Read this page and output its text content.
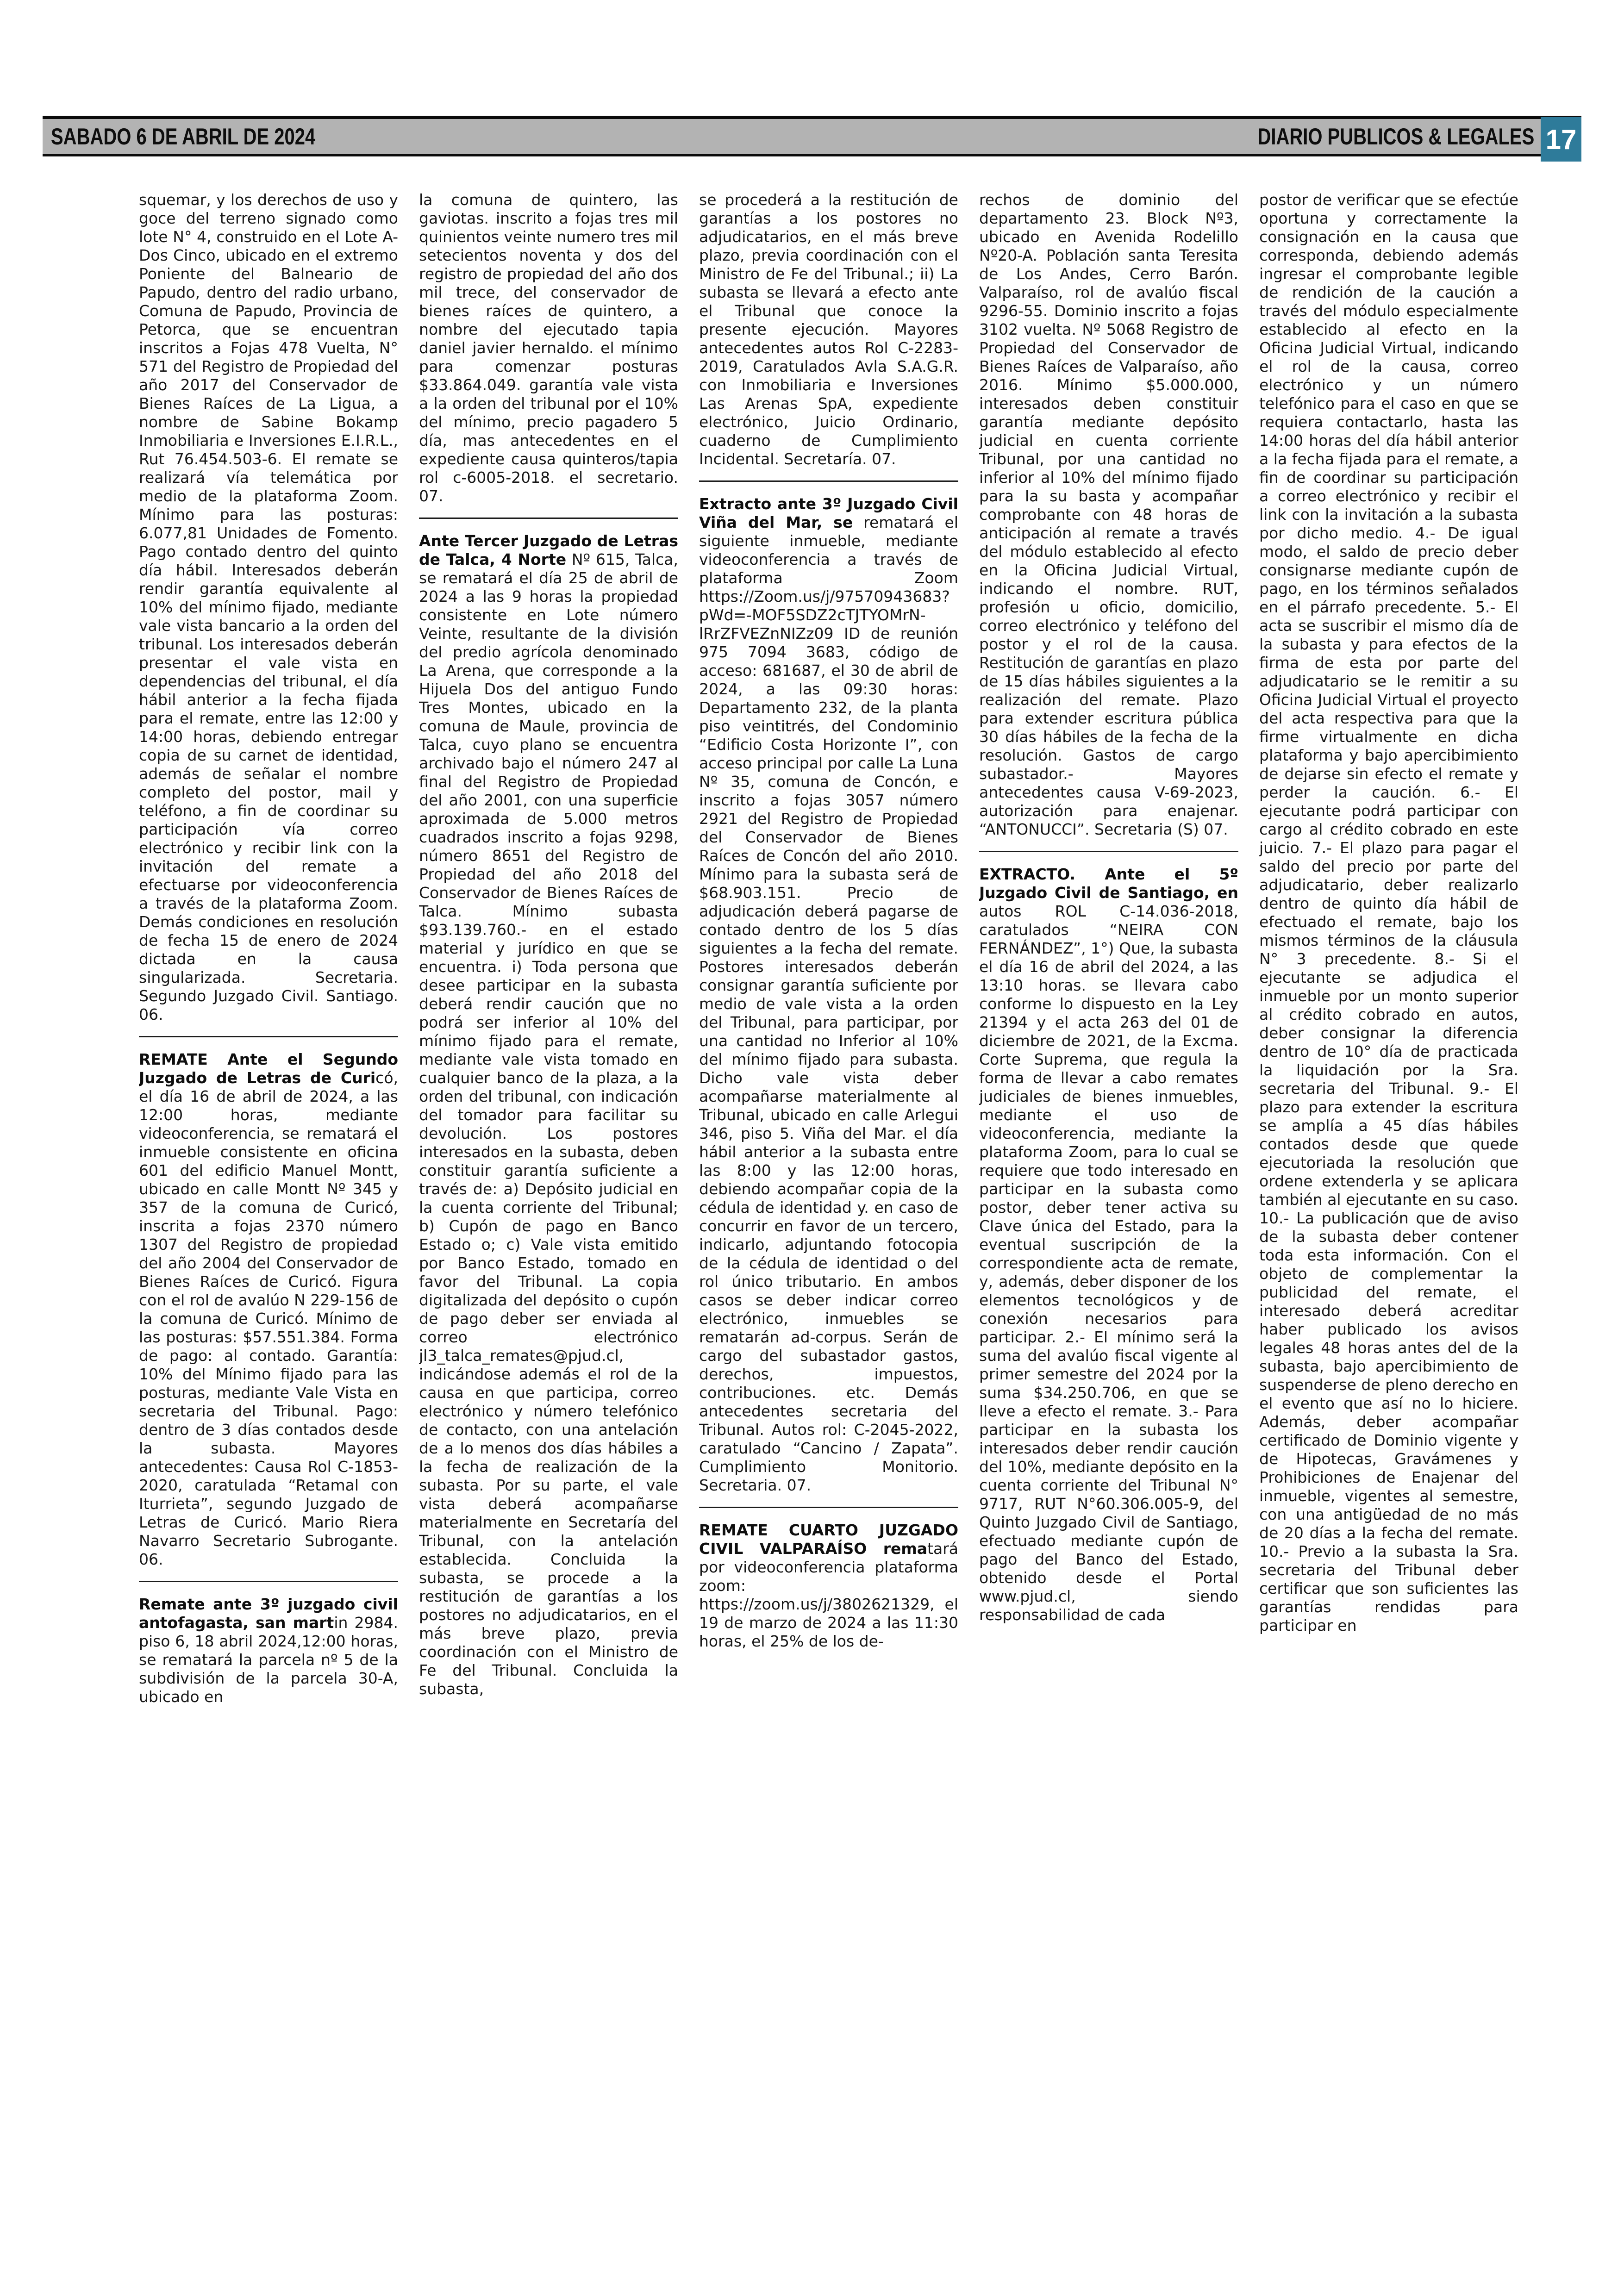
SABADO 6 DE ABRIL DE 2024	DIARIO PUBLICOS & LEGALES 17

squemar, y los derechos de uso y goce del terreno signado como lote N° 4, construido en el Lote A-Dos Cinco, ubicado en el extremo Poniente del Balneario de Papudo, dentro del radio urbano, Comuna de Papudo, Provincia de Petorca, que se encuentran inscritos a Fojas 478 Vuelta, N° 571 del Registro de Propiedad del año 2017 del Conservador de Bienes Raíces de La Ligua, a nombre de Sabine Bokamp Inmobiliaria e Inversiones E.I.R.L., Rut 76.454.503-6. El remate se realizará vía telemática por medio de la plataforma Zoom. Mínimo para las posturas: 6.077,81 Unidades de Fomento. Pago contado dentro del quinto día hábil. Interesados deberán rendir garantía equivalente al 10% del mínimo fijado, mediante vale vista bancario a la orden del tribunal. Los interesados deberán presentar el vale vista en dependencias del tribunal, el día hábil anterior a la fecha fijada para el remate, entre las 12:00 y 14:00 horas, debiendo entregar copia de su carnet de identidad, además de señalar el nombre completo del postor, mail y teléfono, a fin de coordinar su participación vía correo electrónico y recibir link con la invitación del remate a efectuarse por videoconferencia a través de la plataforma Zoom. Demás condiciones en resolución de fecha 15 de enero de 2024 dictada en la causa singularizada. Secretaria. Segundo Juzgado Civil. Santiago. 06.

REMATE Ante el Segundo Juzgado de Letras de Curicó, el día 16 de abril de 2024, a las 12:00 horas, mediante videoconferencia, se rematará el inmueble consistente en oficina 601 del edificio Manuel Montt, ubicado en calle Montt Nº 345 y 357 de la comuna de Curicó, inscrita a fojas 2370 número 1307 del Registro de propiedad del año 2004 del Conservador de Bienes Raíces de Curicó. Figura con el rol de avalúo N 229-156 de la comuna de Curicó. Mínimo de las posturas: $57.551.384. Forma de pago: al contado. Garantía: 10% del Mínimo fijado para las posturas, mediante Vale Vista en secretaria del Tribunal. Pago: dentro de 3 días contados desde la subasta. Mayores antecedentes: Causa Rol C-1853-2020, caratulada “Retamal con Iturrieta”, segundo Juzgado de Letras de Curicó. Mario Riera Navarro Secretario Subrogante. 06.

Remate ante 3º juzgado civil antofagasta, san martin 2984. piso 6, 18 abril 2024,12:00 horas, se rematará la parcela nº 5 de la subdivisión de la parcela 30-A, ubicado en

la comuna de quintero, las gaviotas. inscrito a fojas tres mil quinientos veinte numero tres mil setecientos noventa y dos del registro de propiedad del año dos mil trece, del conservador de bienes raíces de quintero, a nombre del ejecutado tapia daniel javier hernaldo. el mínimo para comenzar posturas $33.864.049. garantía vale vista a la orden del tribunal por el 10% del mínimo, precio pagadero 5 día, mas antecedentes en el expediente causa quinteros/tapia rol c-6005-2018. el secretario. 07.

Ante Tercer Juzgado de Letras de Talca, 4 Norte Nº 615, Talca, se rematará el día 25 de abril de 2024 a las 9 horas la propiedad consistente en Lote número Veinte, resultante de la división del predio agrícola denominado La Arena, que corresponde a la Hijuela Dos del antiguo Fundo Tres Montes, ubicado en la comuna de Maule, provincia de Talca, cuyo plano se encuentra archivado bajo el número 247 al final del Registro de Propiedad del año 2001, con una superficie aproximada de 5.000 metros cuadrados inscrito a fojas 9298, número 8651 del Registro de Propiedad del año 2018 del Conservador de Bienes Raíces de Talca. Mínimo subasta $93.139.760.- en el estado material y jurídico en que se encuentra. i) Toda persona que desee participar en la subasta deberá rendir caución que no podrá ser inferior al 10% del mínimo fijado para el remate, mediante vale vista tomado en cualquier banco de la plaza, a la orden del tribunal, con indicación del tomador para facilitar su devolución. Los postores interesados en la subasta, deben constituir garantía suficiente a través de: a) Depósito judicial en la cuenta corriente del Tribunal; b) Cupón de pago en Banco Estado o; c) Vale vista emitido por Banco Estado, tomado en favor del Tribunal. La copia digitalizada del depósito o cupón de pago deber ser enviada al correo electrónico jl3_talca_remates@pjud.cl, indicándose además el rol de la causa en que participa, correo electrónico y número telefónico de contacto, con una antelación de a lo menos dos días hábiles a la fecha de realización de la subasta. Por su parte, el vale vista deberá acompañarse materialmente en Secretaría del Tribunal, con la antelación establecida. Concluida la subasta, se procede a la restitución de garantías a los postores no adjudicatarios, en el más breve plazo, previa coordinación con el Ministro de Fe del Tribunal. Concluida la subasta,

se procederá a la restitución de garantías a los postores no adjudicatarios, en el más breve plazo, previa coordinación con el Ministro de Fe del Tribunal.; ii) La subasta se llevará a efecto ante el Tribunal que conoce la presente ejecución. Mayores antecedentes autos Rol C-2283-2019, Caratulados Avla S.A.G.R. con Inmobiliaria e Inversiones Las Arenas SpA, expediente electrónico, Juicio Ordinario, cuaderno de Cumplimiento Incidental. Secretaría. 07.

Extracto ante 3º Juzgado Civil Viña del Mar, se rematará el siguiente inmueble, mediante videoconferencia a través de plataforma Zoom https://Zoom.us/j/97570943683?pWd=-MOF5SDZ2cTJTYOMrN-lRrZFVEZnNIZz09 ID de reunión 975 7094 3683, código de acceso: 681687, el 30 de abril de 2024, a las 09:30 horas: Departamento 232, de la planta piso veintitrés, del Condominio “Edificio Costa Horizonte I”, con acceso principal por calle La Luna Nº 35, comuna de Concón, e inscrito a fojas 3057 número 2921 del Registro de Propiedad del Conservador de Bienes Raíces de Concón del año 2010. Mínimo para la subasta será de $68.903.151. Precio de adjudicación deberá pagarse de contado dentro de los 5 días siguientes a la fecha del remate. Postores interesados deberán consignar garantía suficiente por medio de vale vista a la orden del Tribunal, para participar, por una cantidad no Inferior al 10% del mínimo fijado para subasta. Dicho vale vista deber acompañarse materialmente al Tribunal, ubicado en calle Arlegui 346, piso 5. Viña del Mar. el día hábil anterior a la subasta entre las 8:00 y las 12:00 horas, debiendo acompañar copia de la cédula de identidad y. en caso de concurrir en favor de un tercero, indicarlo, adjuntando fotocopia de la cédula de identidad o del rol único tributario. En ambos casos se deber indicar correo electrónico, inmuebles se rematarán ad-corpus. Serán de cargo del subastador gastos, derechos, impuestos, contribuciones. etc. Demás antecedentes secretaria del Tribunal. Autos rol: C-2045-2022, caratulado “Cancino / Zapata”. Cumplimiento Monitorio. Secretaria. 07.

REMATE CUARTO JUZGADO CIVIL VALPARAÍSO rematará por videoconferencia plataforma zoom: https://zoom.us/j/3802621329, el 19 de marzo de 2024 a las 11:30 horas, el 25% de los de-

rechos de dominio del departamento 23. Block Nº3, ubicado en Avenida Rodelillo Nº20-A. Población santa Teresita de Los Andes, Cerro Barón. Valparaíso, rol de avalúo fiscal 9296-55. Dominio inscrito a fojas 3102 vuelta. Nº 5068 Registro de Propiedad del Conservador de Bienes Raíces de Valparaíso, año 2016. Mínimo $5.000.000, interesados deben constituir garantía mediante depósito judicial en cuenta corriente Tribunal, por una cantidad no inferior al 10% del mínimo fijado para la su basta y acompañar comprobante con 48 horas de anticipación al remate a través del módulo establecido al efecto en la Oficina Judicial Virtual, indicando el nombre. RUT, profesión u oficio, domicilio, correo electrónico y teléfono del postor y el rol de la causa. Restitución de garantías en plazo de 15 días hábiles siguientes a la realización del remate. Plazo para extender escritura pública 30 días hábiles de la fecha de la resolución. Gastos de cargo subastador.- Mayores antecedentes causa V-69-2023, autorización para enajenar. “ANTONUCCI”. Secretaria (S) 07.

EXTRACTO. Ante el 5º Juzgado Civil de Santiago, en autos ROL C-14.036-2018, caratulados “NEIRA CON FERNÁNDEZ”, 1°) Que, la subasta el día 16 de abril del 2024, a las 13:10 horas. se llevara cabo conforme lo dispuesto en la Ley 21394 y el acta 263 del 01 de diciembre de 2021, de la Excma. Corte Suprema, que regula la forma de llevar a cabo remates judiciales de bienes inmuebles, mediante el uso de videoconferencia, mediante la plataforma Zoom, para lo cual se requiere que todo interesado en participar en la subasta como postor, deber tener activa su Clave única del Estado, para la eventual suscripción de la correspondiente acta de remate, y, además, deber disponer de los elementos tecnológicos y de conexión necesarios para participar. 2.- El mínimo será la suma del avalúo fiscal vigente al primer semestre del 2024 por la suma $34.250.706, en que se lleve a efecto el remate. 3.- Para participar en la subasta los interesados deber rendir caución del 10%, mediante depósito en la cuenta corriente del Tribunal N° 9717, RUT N°60.306.005-9, del Quinto Juzgado Civil de Santiago, efectuado mediante cupón de pago del Banco del Estado, obtenido desde el Portal www.pjud.cl, siendo responsabilidad de cada

postor de verificar que se efectúe oportuna y correctamente la consignación en la causa que corresponda, debiendo además ingresar el comprobante legible de rendición de la caución a través del módulo especialmente establecido al efecto en la Oficina Judicial Virtual, indicando el rol de la causa, correo electrónico y un número telefónico para el caso en que se requiera contactarlo, hasta las 14:00 horas del día hábil anterior a la fecha fijada para el remate, a fin de coordinar su participación a correo electrónico y recibir el link con la invitación a la subasta por dicho medio. 4.- De igual modo, el saldo de precio deber consignarse mediante cupón de pago, en los términos señalados en el párrafo precedente. 5.- El acta se suscribir el mismo día de la subasta y para efectos de la firma de esta por parte del adjudicatario se le remitir a su Oficina Judicial Virtual el proyecto del acta respectiva para que la firme virtualmente en dicha plataforma y bajo apercibimiento de dejarse sin efecto el remate y perder la caución. 6.- El ejecutante podrá participar con cargo al crédito cobrado en este juicio. 7.- El plazo para pagar el saldo del precio por parte del adjudicatario, deber realizarlo dentro de quinto día hábil de efectuado el remate, bajo los mismos términos de la cláusula N° 3 precedente. 8.- Si el ejecutante se adjudica el inmueble por un monto superior al crédito cobrado en autos, deber consignar la diferencia dentro de 10° día de practicada la liquidación por la Sra. secretaria del Tribunal. 9.- El plazo para extender la escritura se amplía a 45 días hábiles contados desde que quede ejecutoriada la resolución que ordene extenderla y se aplicara también al ejecutante en su caso. 10.- La publicación que de aviso de la subasta deber contener toda esta información. Con el objeto de complementar la publicidad del remate, el interesado deberá acreditar haber publicado los avisos legales 48 horas antes del de la subasta, bajo apercibimiento de suspenderse de pleno derecho en el evento que así no lo hiciere. Además, deber acompañar certificado de Dominio vigente y de Hipotecas, Gravámenes y Prohibiciones de Enajenar del inmueble, vigentes al semestre, con una antigüedad de no más de 20 días a la fecha del remate. 10.- Previo a la subasta la Sra. secretaria del Tribunal deber certificar que son suficientes las garantías rendidas para participar en
